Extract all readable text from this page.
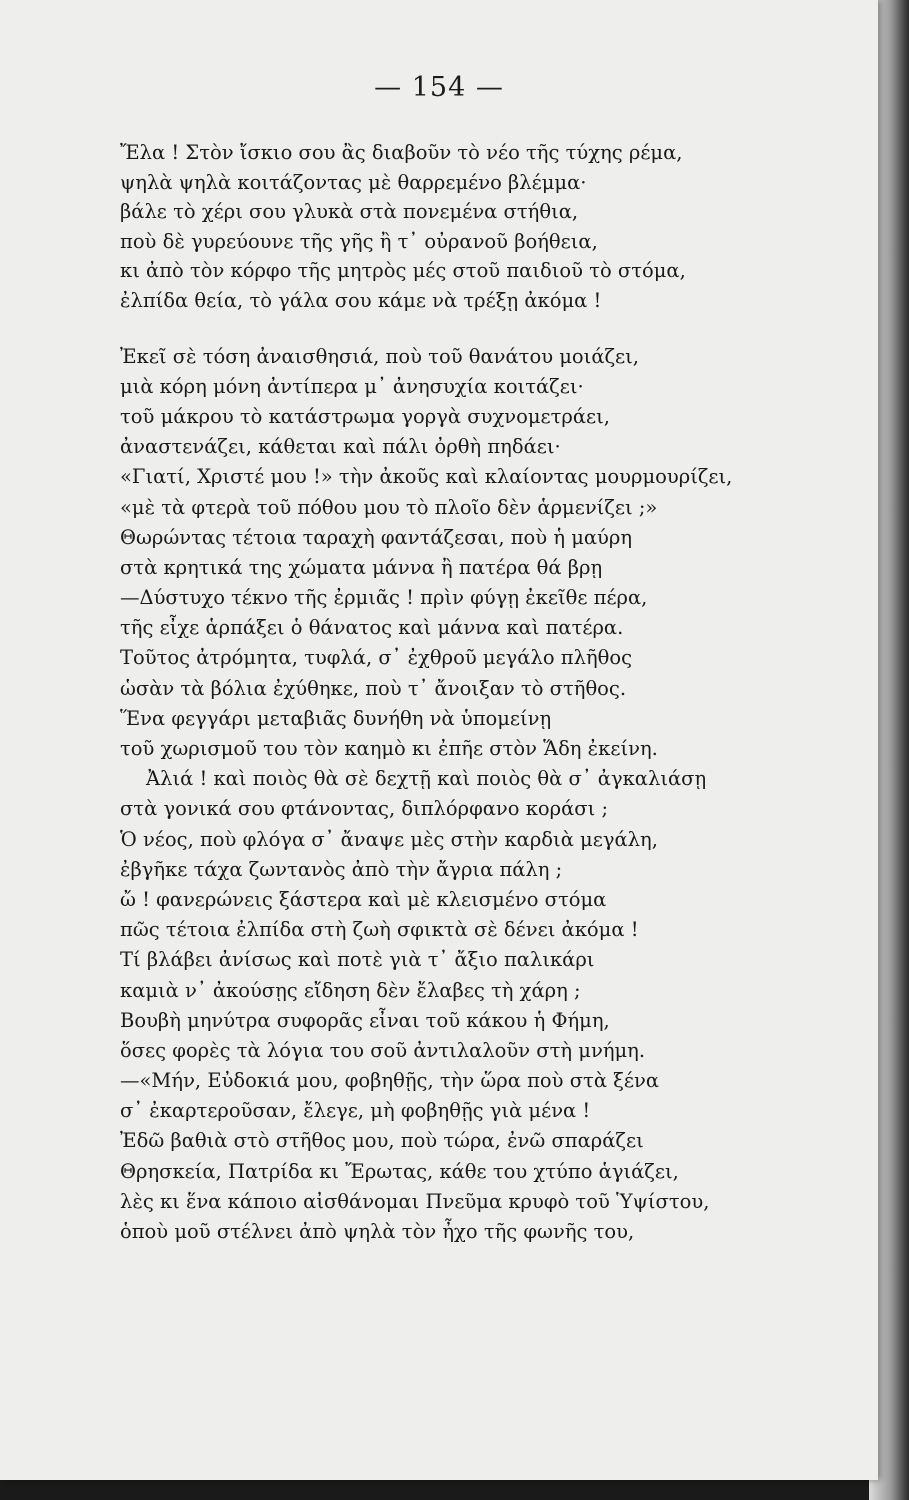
— 154 —
Ἔλα ! Στὸν ἴσκιο σου ἂς διαβοῦν τὸ νέο τῆς τύχης ρέμα,
ψηλὰ ψηλὰ κοιτάζοντας μὲ θαρρεμένο βλέμμα·
βάλε τὸ χέρι σου γλυκὰ στὰ πονεμένα στήθια,
ποὺ δὲ γυρεύουνε τῆς γῆς ἢ τ᾿ οὐρανοῦ βοήθεια,
κι ἀπὸ τὸν κόρφο τῆς μητρὸς μές στοῦ παιδιοῦ τὸ στόμα,
ἐλπίδα θεία, τὸ γάλα σου κάμε νὰ τρέξῃ ἀκόμα !
Ἐκεῖ σὲ τόση ἀναισθησιά, ποὺ τοῦ θανάτου μοιάζει,
μιὰ κόρη μόνη ἀντίπερα μ᾿ ἀνησυχία κοιτάζει·
τοῦ μάκρου τὸ κατάστρωμα γοργὰ συχνομετράει,
ἀναστενάζει, κάθεται καὶ πάλι ὀρθὴ πηδάει·
«Γιατί, Χριστέ μου !» τὴν ἀκοῦς καὶ κλαίοντας μουρμουρίζει,
«μὲ τὰ φτερὰ τοῦ πόθου μου τὸ πλοῖο δὲν ἁρμενίζει ;»
Θωρώντας τέτοια ταραχὴ φαντάζεσαι, ποὺ ἡ μαύρη
στὰ κρητικά της χώματα μάννα ἢ πατέρα θά βρῃ
—Δύστυχο τέκνο τῆς ἐρμιᾶς ! πρὶν φύγῃ ἐκεῖθε πέρα,
τῆς εἶχε ἁρπάξει ὁ θάνατος καὶ μάννα καὶ πατέρα.
Τοῦτος ἀτρόμητα, τυφλά, σ᾿ ἐχθροῦ μεγάλο πλῆθος
ὡσὰν τὰ βόλια ἐχύθηκε, ποὺ τ᾿ ἄνοιξαν τὸ στῆθος.
Ἕνα φεγγάρι μεταβιᾶς δυνήθη νὰ ὑπομείνῃ
τοῦ χωρισμοῦ του τὸν καημὸ κι ἐπῆε στὸν Ἅδη ἐκείνη.
Ἀλιά ! καὶ ποιὸς θὰ σὲ δεχτῇ καὶ ποιὸς θὰ σ᾿ ἀγκαλιάσῃ
στὰ γονικά σου φτάνοντας, διπλόρφανο κοράσι ;
Ὁ νέος, ποὺ φλόγα σ᾿ ἄναψε μὲς στὴν καρδιὰ μεγάλη,
ἐβγῆκε τάχα ζωντανὸς ἀπὸ τὴν ἄγρια πάλη ;
ὤ ! φανερώνεις ξάστερα καὶ μὲ κλεισμένο στόμα
πῶς τέτοια ἐλπίδα στὴ ζωὴ σφικτὰ σὲ δένει ἀκόμα !
Τί βλάβει ἀνίσως καὶ ποτὲ γιὰ τ᾿ ἄξιο παλικάρι
καμιὰ ν᾿ ἀκούσῃς εἴδηση δὲν ἔλαβες τὴ χάρη ;
Βουβὴ μηνύτρα συφορᾶς εἶναι τοῦ κάκου ἡ Φήμη,
ὅσες φορὲς τὰ λόγια του σοῦ ἀντιλαλοῦν στὴ μνήμη.
—«Μήν, Εὐδοκιά μου, φοβηθῇς, τὴν ὥρα ποὺ στὰ ξένα
σ᾿ ἐκαρτεροῦσαν, ἔλεγε, μὴ φοβηθῇς γιὰ μένα !
Ἐδῶ βαθιὰ στὸ στῆθος μου, ποὺ τώρα, ἐνῶ σπαράζει
Θρησκεία, Πατρίδα κι Ἔρωτας, κάθε του χτύπο ἁγιάζει,
λὲς κι ἕνα κάποιο αἰσθάνομαι Πνεῦμα κρυφὸ τοῦ Ὑψίστου,
ὁποὺ μοῦ στέλνει ἀπὸ ψηλὰ τὸν ἦχο τῆς φωνῆς του,
